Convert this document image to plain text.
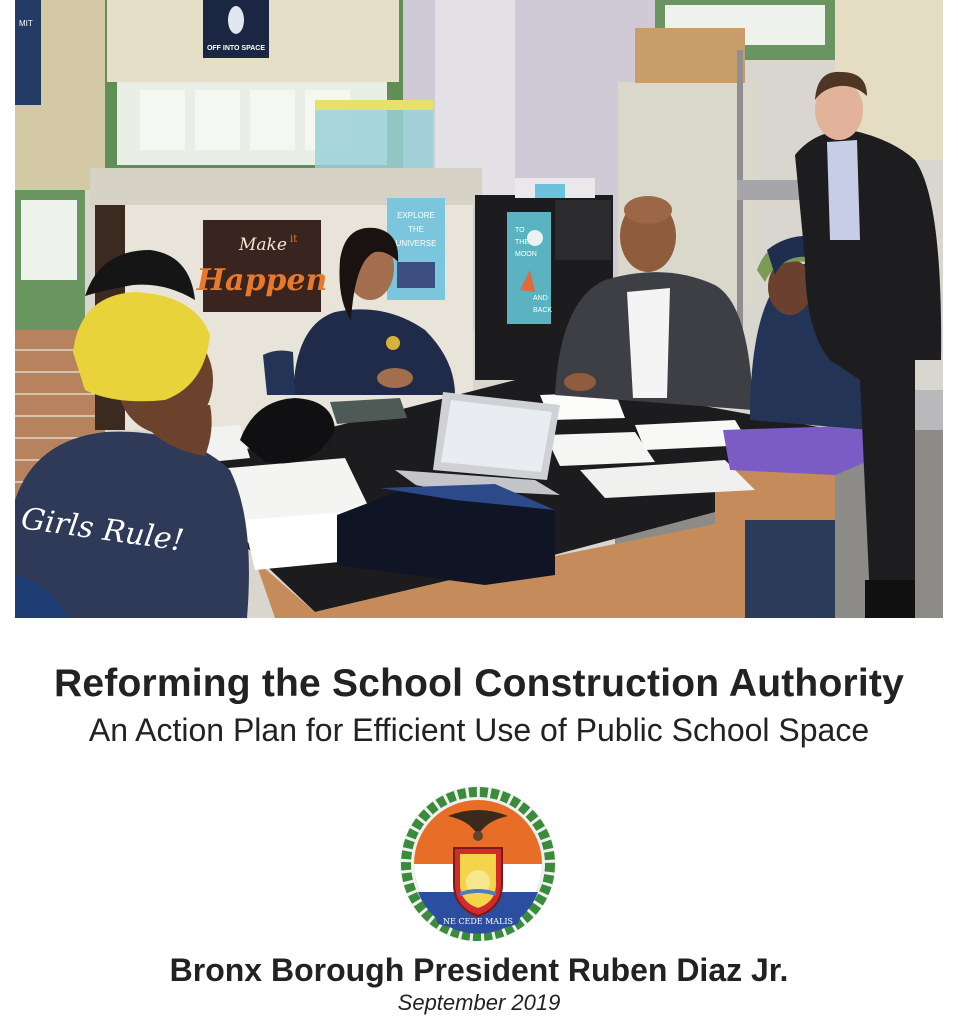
OFF INTO SPACE
MIT
Make it
Happen
EXPLORE
THE
UNIVERSE
TO
THE
MOON
AND
BACK
Girls Rule!
Reforming the School Construction Authority

An Action Plan for Efficient Use of Public School Space

NE CEDE MALIS

Bronx Borough President Ruben Diaz Jr.

September 2019
